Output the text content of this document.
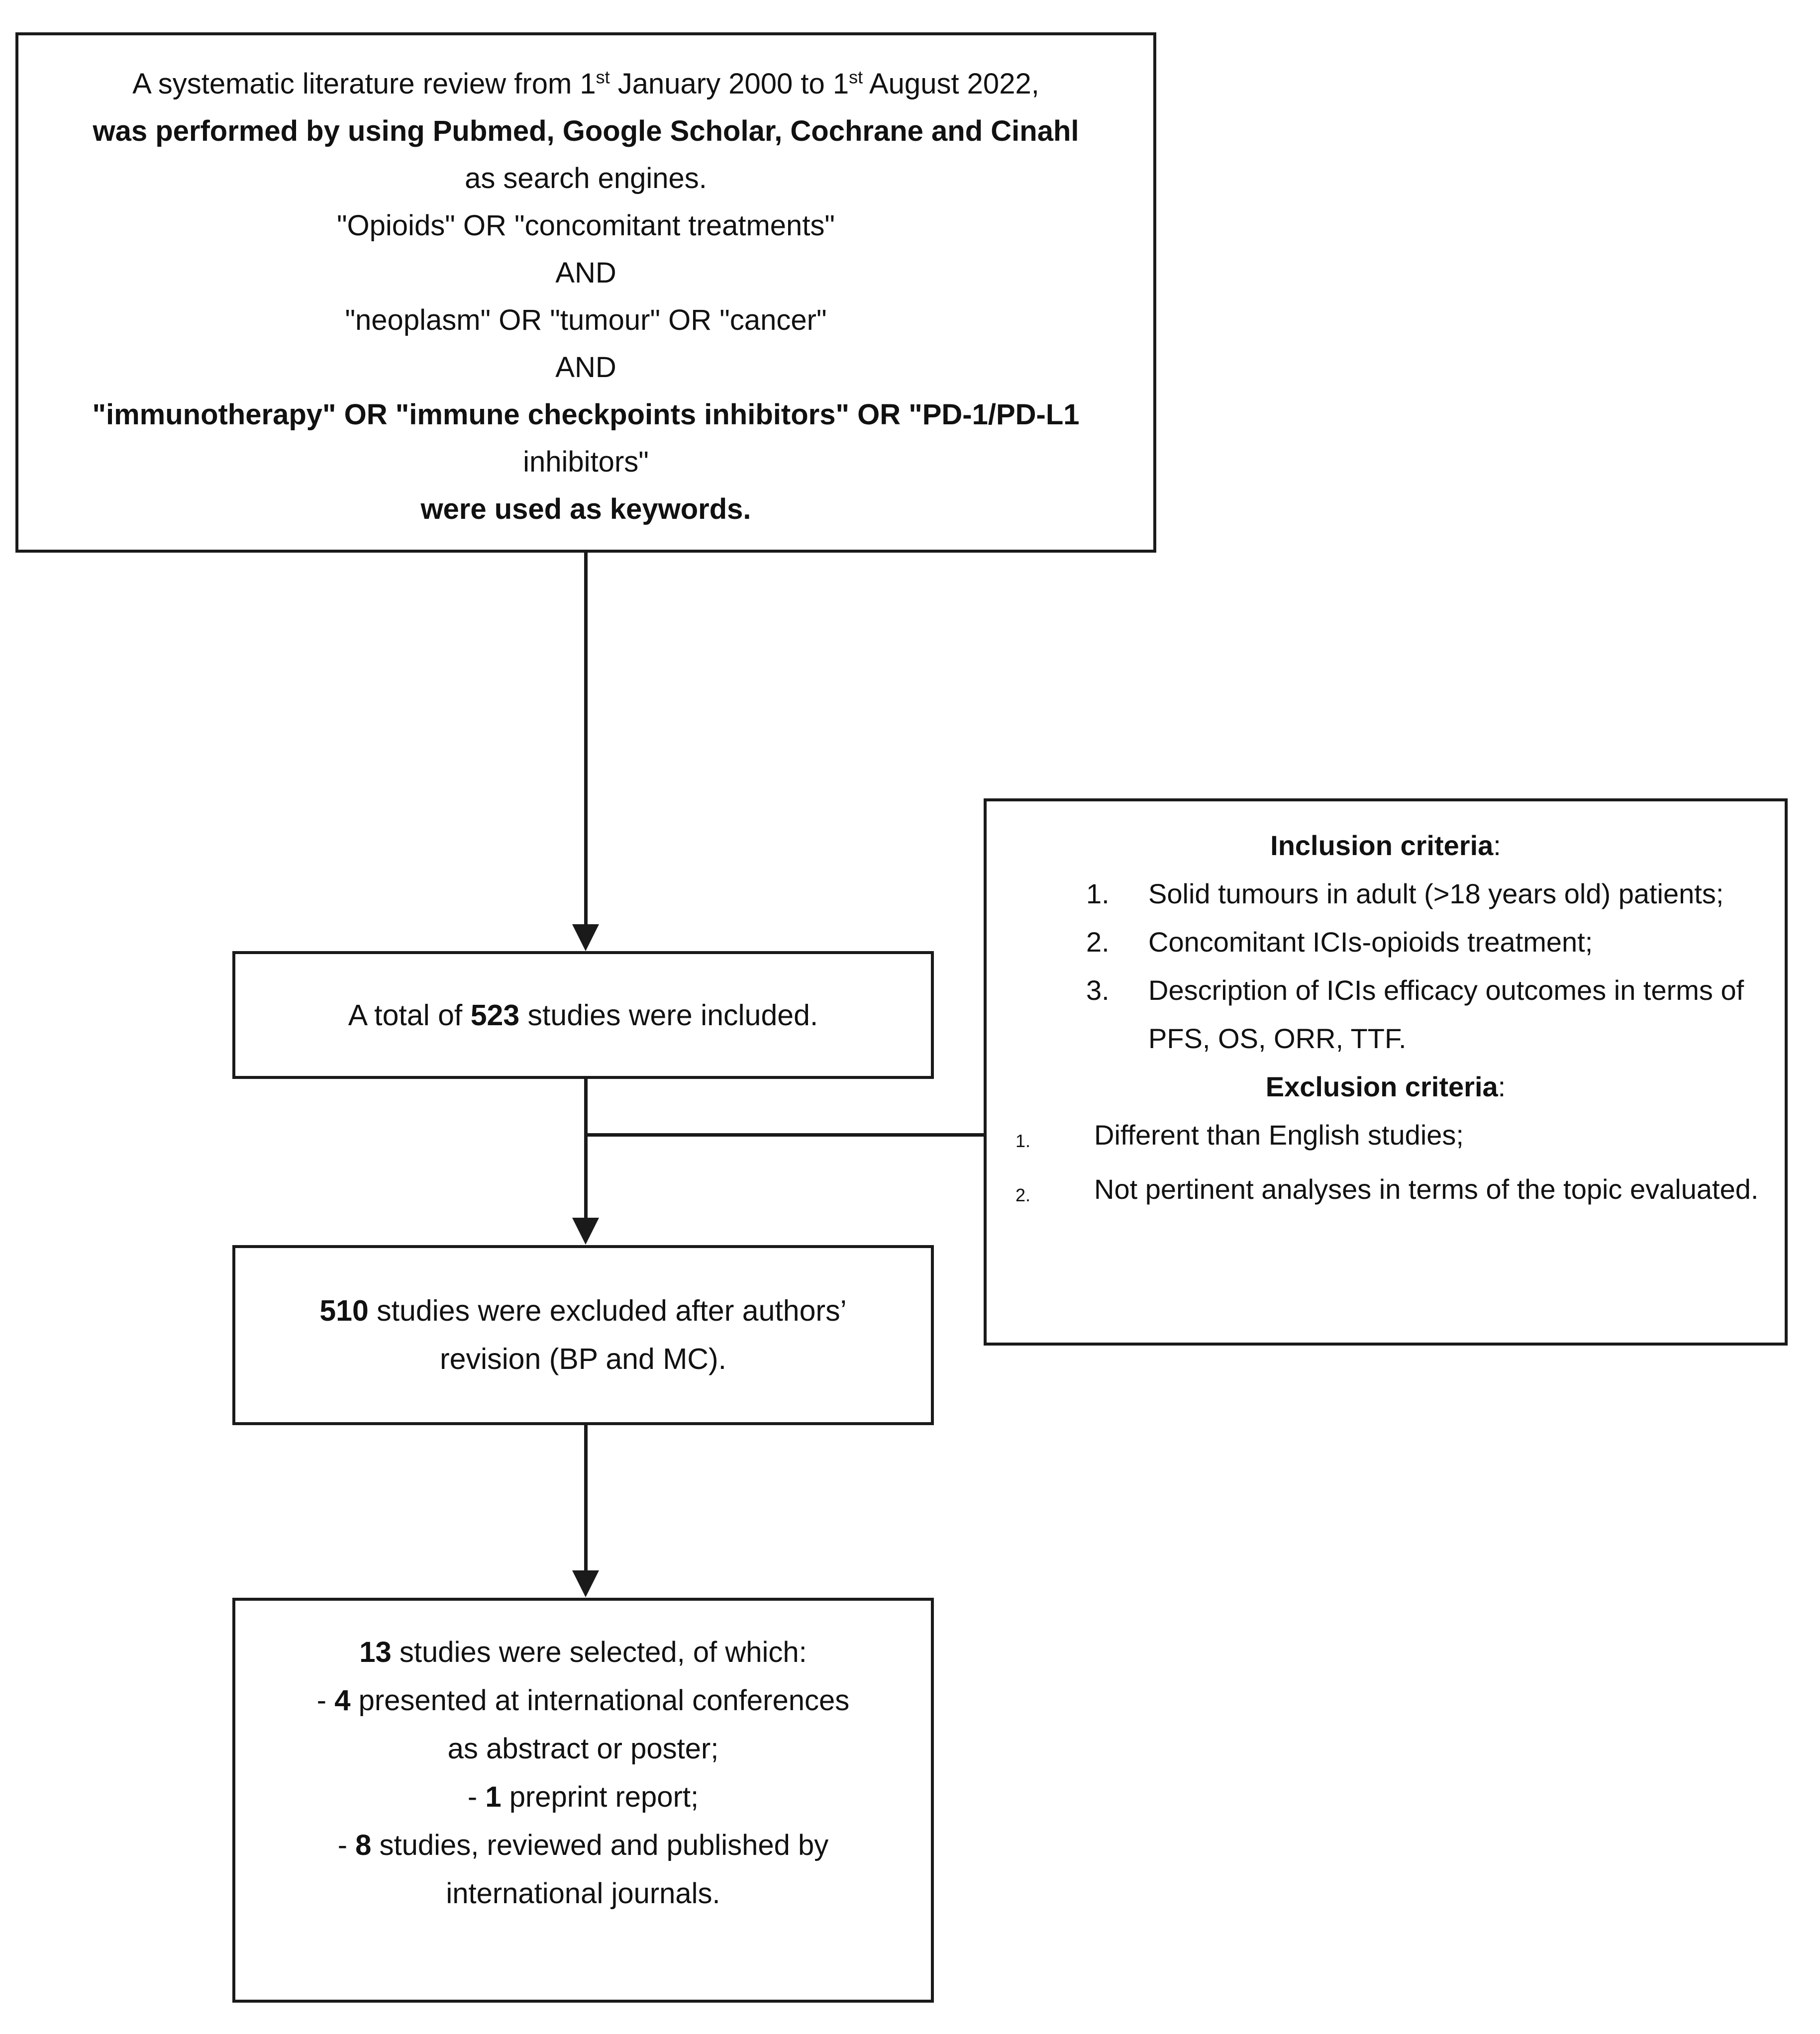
A systematic literature review from 1st January 2000 to 1st August 2022,
was performed by using Pubmed, Google Scholar, Cochrane and Cinahl
as search engines.
"Opioids" OR "concomitant treatments"
AND
"neoplasm" OR "tumour" OR "cancer"
AND
"immunotherapy" OR "immune checkpoints inhibitors" OR "PD-1/PD-L1
inhibitors"
were used as keywords.
A total of 523 studies were included.
Inclusion criteria:
1.	Solid tumours in adult (>18 years old) patients;
2.	Concomitant ICIs-opioids treatment;
3.	Description of ICIs efficacy outcomes in terms of PFS, OS, ORR, TTF.
Exclusion criteria:
1.	Different than English studies;
2.	Not pertinent analyses in terms of the topic evaluated.
510 studies were excluded after authors’
revision (BP and MC).
13 studies were selected, of which:
- 4 presented at international conferences
as abstract or poster;
- 1 preprint report;
- 8 studies, reviewed and published by
international journals.
